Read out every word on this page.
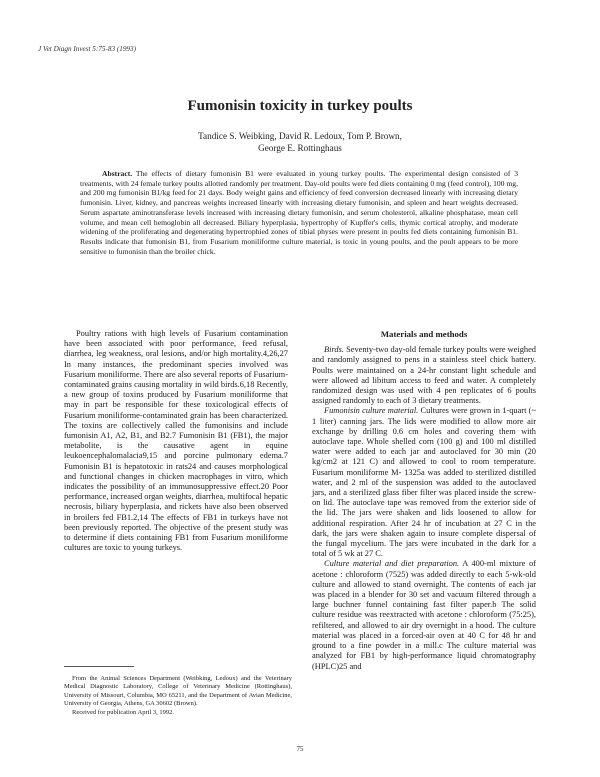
J Vet Diagn Invest 5:75-83 (1993)
Fumonisin toxicity in turkey poults
Tandice S. Weibking, David R. Ledoux, Tom P. Brown,
George E. Rottinghaus
Abstract. The effects of dietary fumonisin B1 were evaluated in young turkey poults. The experimental design consisted of 3 treatments, with 24 female turkey poults allotted randomly per treatment. Day-old poults were fed diets containing 0 mg (feed control), 100 mg, and 200 mg fumonisin B1/kg feed for 21 days. Body weight gains and efficiency of feed conversion decreased linearly with increasing dietary fumonisin. Liver, kidney, and pancreas weights increased linearly with increasing dietary fumonisin, and spleen and heart weights decreased. Serum aspartate aminotransferase levels increased with increasing dietary fumonisin, and serum cholesterol, alkaline phosphatase, mean cell volume, and mean cell hemoglobin all decreased. Biliary hyperplasia, hypertrophy of Kupffer's cells, thymic cortical atrophy, and moderate widening of the proliferating and degenerating hypertrophied zones of tibial physes were present in poults fed diets containing fumonisin B1. Results indicate that fumonisin B1, from Fusarium moniliforme culture material, is toxic in young poults, and the poult appears to be more sensitive to fumonisin than the broiler chick.

Poultry rations with high levels of Fusarium contamination have been associated with poor performance, feed refusal, diarrhea, leg weakness, oral lesions, and/or high mortality.4,26,27 In many instances, the predominant species involved was Fusarium moniliforme. There are also several reports of Fusarium-contaminated grains causing mortality in wild birds.6,18 Recently, a new group of toxins produced by Fusarium moniliforme that may in part be responsible for these toxicological effects of Fusarium moniliforme-contaminated grain has been characterized. The toxins are collectively called the fumonisins and include fumonisin A1, A2, B1, and B2.7 Fumonisin B1 (FB1), the major metabolite, is the causative agent in equine leukoencephalomalacia9,15 and porcine pulmonary edema.7 Fumonisin B1 is hepatotoxic in rats24 and causes morphological and functional changes in chicken macrophages in vitro, which indicates the possibility of an immunosuppressive effect.20 Poor performance, increased organ weights, diarrhea, multifocal hepatic necrosis, biliary hyperplasia, and rickets have also been observed in broilers fed FB1.2,14 The effects of FB1 in turkeys have not been previously reported. The objective of the present study was to determine if diets containing FB1 from Fusarium moniliforme cultures are toxic to young turkeys.

Materials and methods

Birds. Seventy-two day-old female turkey poults were weighed and randomly assigned to pens in a stainless steel chick battery. Poults were maintained on a 24-hr constant light schedule and were allowed ad libitum access to feed and water. A completely randomized design was used with 4 pen replicates of 6 poults assigned randomly to each of 3 dietary treatments.

Fumonisin culture material. Cultures were grown in 1-quart (~ 1 liter) canning jars. The lids were modified to allow more air exchange by drilling 0.6 cm holes and covering them with autoclave tape. Whole shelled corn (100 g) and 100 ml distilled water were added to each jar and autoclaved for 30 min (20 kg/cm2 at 121 C) and allowed to cool to room temperature. Fusarium moniliforme M- 1325a was added to sterilized distilled water, and 2 ml of the suspension was added to the autoclaved jars, and a sterilized glass fiber filter was placed inside the screw-on lid. The autoclave tape was removed from the exterior side of the lid. The jars were shaken and lids loosened to allow for additional respiration. After 24 hr of incubation at 27 C in the dark, the jars were shaken again to insure complete dispersal of the fungal mycelium. The jars were incubated in the dark for a total of 5 wk at 27 C.

Culture material and diet preparation. A 400-ml mixture of acetone : chloroform (7525) was added directly to each 5-wk-old culture and allowed to stand overnight. The contents of each jar was placed in a blender for 30 set and vacuum filtered through a large buchner funnel containing fast filter paper.b The solid culture residue was reextracted with acetone : chloroform (75:25), refiltered, and allowed to air dry overnight in a hood. The culture material was placed in a forced-air oven at 40 C for 48 hr and ground to a fine powder in a mill.c The culture material was analyzed for FB1 by high-performance liquid chromatography (HPLC)25 and

From the Animal Sciences Department (Weibking, Ledoux) and the Veterinary Medical Diagnostic Laboratory, College of Veterinary Medicine (Rottinghaus), University of Missouri, Columbia, MO 65211, and the Department of Avian Medicine, University of Georgia, Athens, GA 30602 (Brown).

Received for publication April 3, 1992.

75
